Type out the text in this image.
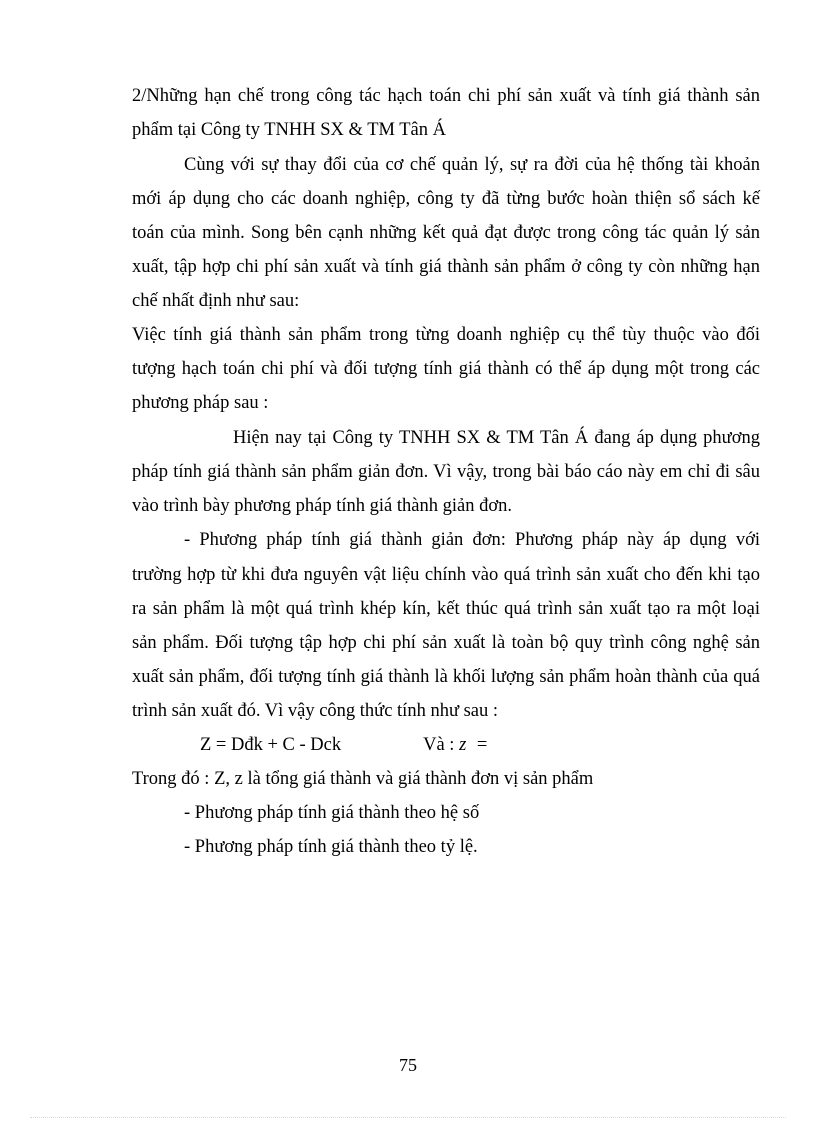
2/Những hạn chế trong công tác hạch toán chi phí sản xuất và tính giá thành sản
phẩm tại Công ty TNHH SX & TM Tân Á
Cùng với sự thay đổi của cơ chế quản lý, sự ra đời của hệ thống tài khoản
mới áp dụng cho các doanh nghiệp, công ty đã từng bước hoàn thiện sổ sách kế
toán của mình. Song bên cạnh những kết quả đạt được trong công tác quản lý sản
xuất, tập hợp chi phí sản xuất và tính giá thành sản phẩm ở công ty còn những hạn
chế nhất định như sau:
Việc tính giá thành sản phẩm trong từng doanh nghiệp cụ thể tùy thuộc vào đối
tượng hạch toán chi phí và đối tượng tính giá thành có thể áp dụng một trong các
phương pháp sau :
Hiện nay tại Công ty TNHH SX & TM Tân Á đang áp dụng phương
pháp tính giá thành sản phẩm giản đơn. Vì vậy, trong bài báo cáo này em chỉ đi sâu
vào trình bày phương pháp tính giá thành giản đơn.
- Phương pháp tính giá thành giản đơn: Phương pháp này áp dụng với
trường hợp từ khi đưa nguyên vật liệu chính vào quá trình sản xuất cho đến khi tạo
ra sản phẩm là một quá trình khép kín, kết thúc quá trình sản xuất tạo ra một loại
sản phẩm. Đối tượng tập hợp chi phí sản xuất là toàn bộ quy trình công nghệ sản
xuất sản phẩm, đối tượng tính giá thành là khối lượng sản phẩm hoàn thành của quá
trình sản xuất đó. Vì vậy công thức tính như sau :
Z = Dđk + C - Dck	Và : z =
Trong đó : Z, z là tổng giá thành và giá thành đơn vị sản phẩm
- Phương pháp tính giá thành theo hệ số
- Phương pháp tính giá thành theo tỷ lệ.
75
